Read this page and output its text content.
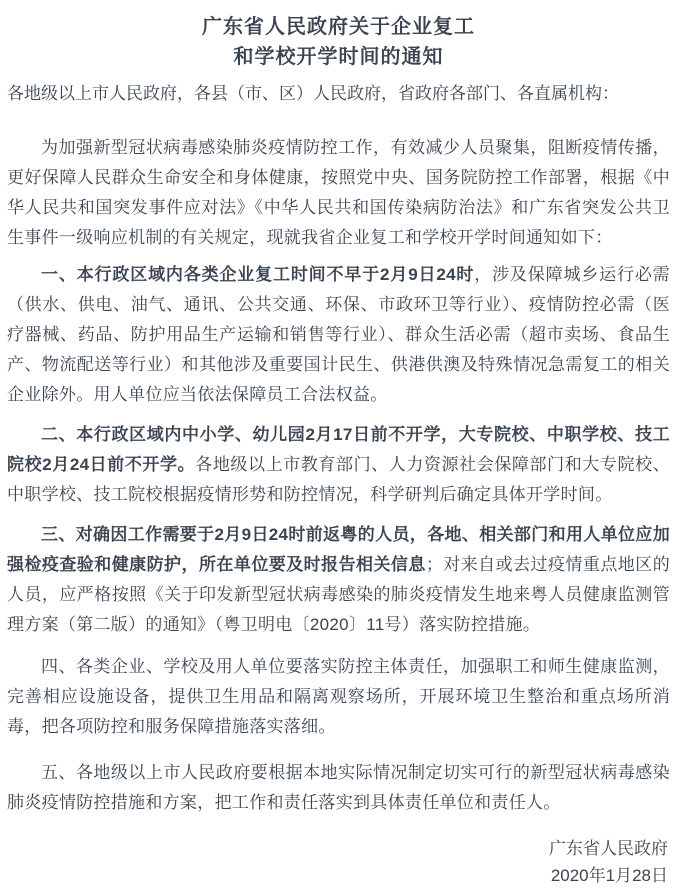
广东省人民政府关于企业复工
和学校开学时间的通知

各地级以上市人民政府，各县（市、区）人民政府，省政府各部门、各直属机构：

为加强新型冠状病毒感染肺炎疫情防控工作，有效减少人员聚集，阻断疫情传播，更好保障人民群众生命安全和身体健康，按照党中央、国务院防控工作部署，根据《中华人民共和国突发事件应对法》《中华人民共和国传染病防治法》和广东省突发公共卫生事件一级响应机制的有关规定，现就我省企业复工和学校开学时间通知如下：

一、本行政区域内各类企业复工时间不早于2月9日24时，涉及保障城乡运行必需（供水、供电、油气、通讯、公共交通、环保、市政环卫等行业）、疫情防控必需（医疗器械、药品、防护用品生产运输和销售等行业）、群众生活必需（超市卖场、食品生产、物流配送等行业）和其他涉及重要国计民生、供港供澳及特殊情况急需复工的相关企业除外。用人单位应当依法保障员工合法权益。

二、本行政区域内中小学、幼儿园2月17日前不开学，大专院校、中职学校、技工院校2月24日前不开学。各地级以上市教育部门、人力资源社会保障部门和大专院校、中职学校、技工院校根据疫情形势和防控情况，科学研判后确定具体开学时间。

三、对确因工作需要于2月9日24时前返粤的人员，各地、相关部门和用人单位应加强检疫查验和健康防护，所在单位要及时报告相关信息；对来自或去过疫情重点地区的人员，应严格按照《关于印发新型冠状病毒感染的肺炎疫情发生地来粤人员健康监测管理方案（第二版）的通知》（粤卫明电〔2020〕11号）落实防控措施。

四、各类企业、学校及用人单位要落实防控主体责任，加强职工和师生健康监测，完善相应设施设备，提供卫生用品和隔离观察场所，开展环境卫生整治和重点场所消毒，把各项防控和服务保障措施落实落细。

五、各地级以上市人民政府要根据本地实际情况制定切实可行的新型冠状病毒感染肺炎疫情防控措施和方案，把工作和责任落实到具体责任单位和责任人。

广东省人民政府

2020年1月28日
